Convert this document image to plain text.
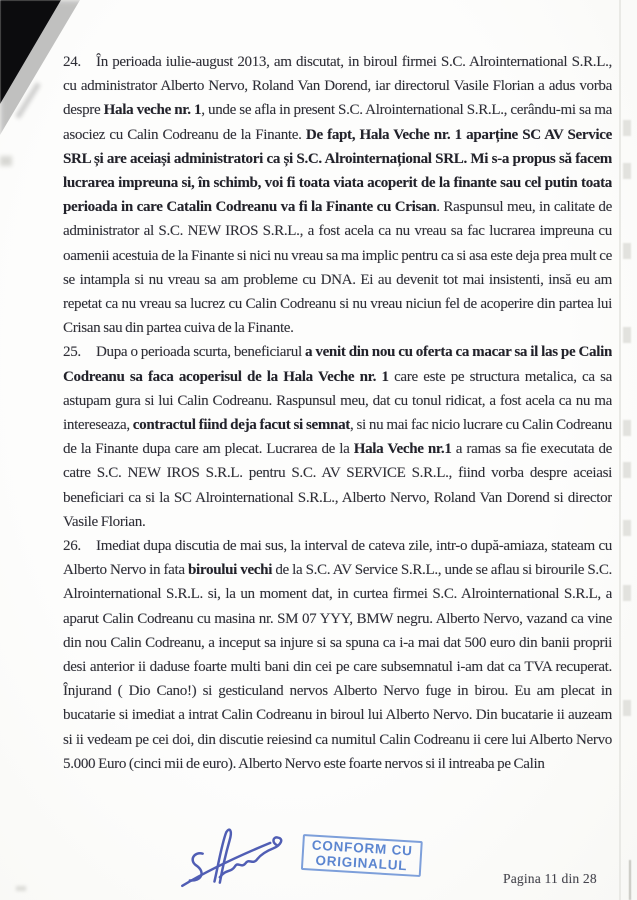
24. În perioada iulie-august 2013, am discutat, in biroul firmei S.C. Alrointernational S.R.L., cu administrator Alberto Nervo, Roland Van Dorend, iar directorul Vasile Florian a adus vorba despre Hala veche nr. 1, unde se afla in present S.C. Alrointernational S.R.L., cerându-mi sa ma asociez cu Calin Codreanu de la Finante. De fapt, Hala Veche nr. 1 aparține SC AV Service SRL și are aceiași administratori ca și S.C. Alrointernațional SRL. Mi s-a propus să facem lucrarea impreuna si, în schimb, voi fi toata viata acoperit de la finante sau cel putin toata perioada in care Catalin Codreanu va fi la Finante cu Crisan. Raspunsul meu, in calitate de administrator al S.C. NEW IROS S.R.L., a fost acela ca nu vreau sa fac lucrarea impreuna cu oamenii acestuia de la Finante si nici nu vreau sa ma implic pentru ca si asa este deja prea mult ce se intampla si nu vreau sa am probleme cu DNA. Ei au devenit tot mai insistenti, insă eu am repetat ca nu vreau sa lucrez cu Calin Codreanu si nu vreau niciun fel de acoperire din partea lui Crisan sau din partea cuiva de la Finante.

25. Dupa o perioada scurta, beneficiarul a venit din nou cu oferta ca macar sa il las pe Calin Codreanu sa faca acoperisul de la Hala Veche nr. 1 care este pe structura metalica, ca sa astupam gura si lui Calin Codreanu. Raspunsul meu, dat cu tonul ridicat, a fost acela ca nu ma intereseaza, contractul fiind deja facut si semnat, si nu mai fac nicio lucrare cu Calin Codreanu de la Finante dupa care am plecat. Lucrarea de la Hala Veche nr.1 a ramas sa fie executata de catre S.C. NEW IROS S.R.L. pentru S.C. AV SERVICE S.R.L., fiind vorba despre aceiasi beneficiari ca si la SC Alrointernational S.R.L., Alberto Nervo, Roland Van Dorend si director Vasile Florian.

26. Imediat dupa discutia de mai sus, la interval de cateva zile, intr-o după-amiaza, stateam cu Alberto Nervo in fata biroului vechi de la S.C. AV Service S.R.L., unde se aflau si birourile S.C. Alrointernational S.R.L. si, la un moment dat, in curtea firmei S.C. Alrointernational S.R.L, a aparut Calin Codreanu cu masina nr. SM 07 YYY, BMW negru. Alberto Nervo, vazand ca vine din nou Calin Codreanu, a inceput sa injure si sa spuna ca i-a mai dat 500 euro din banii proprii desi anterior ii daduse foarte multi bani din cei pe care subsemnatul i-am dat ca TVA recuperat. Înjurand ( Dio Cano!) si gesticuland nervos Alberto Nervo fuge in birou. Eu am plecat in bucatarie si imediat a intrat Calin Codreanu in biroul lui Alberto Nervo. Din bucatarie ii auzeam si ii vedeam pe cei doi, din discutie reiesind ca numitul Calin Codreanu ii cere lui Alberto Nervo 5.000 Euro (cinci mii de euro). Alberto Nervo este foarte nervos si il intreaba pe Calin

CONFORM CU
ORIGINALUL
Pagina 11 din 28
